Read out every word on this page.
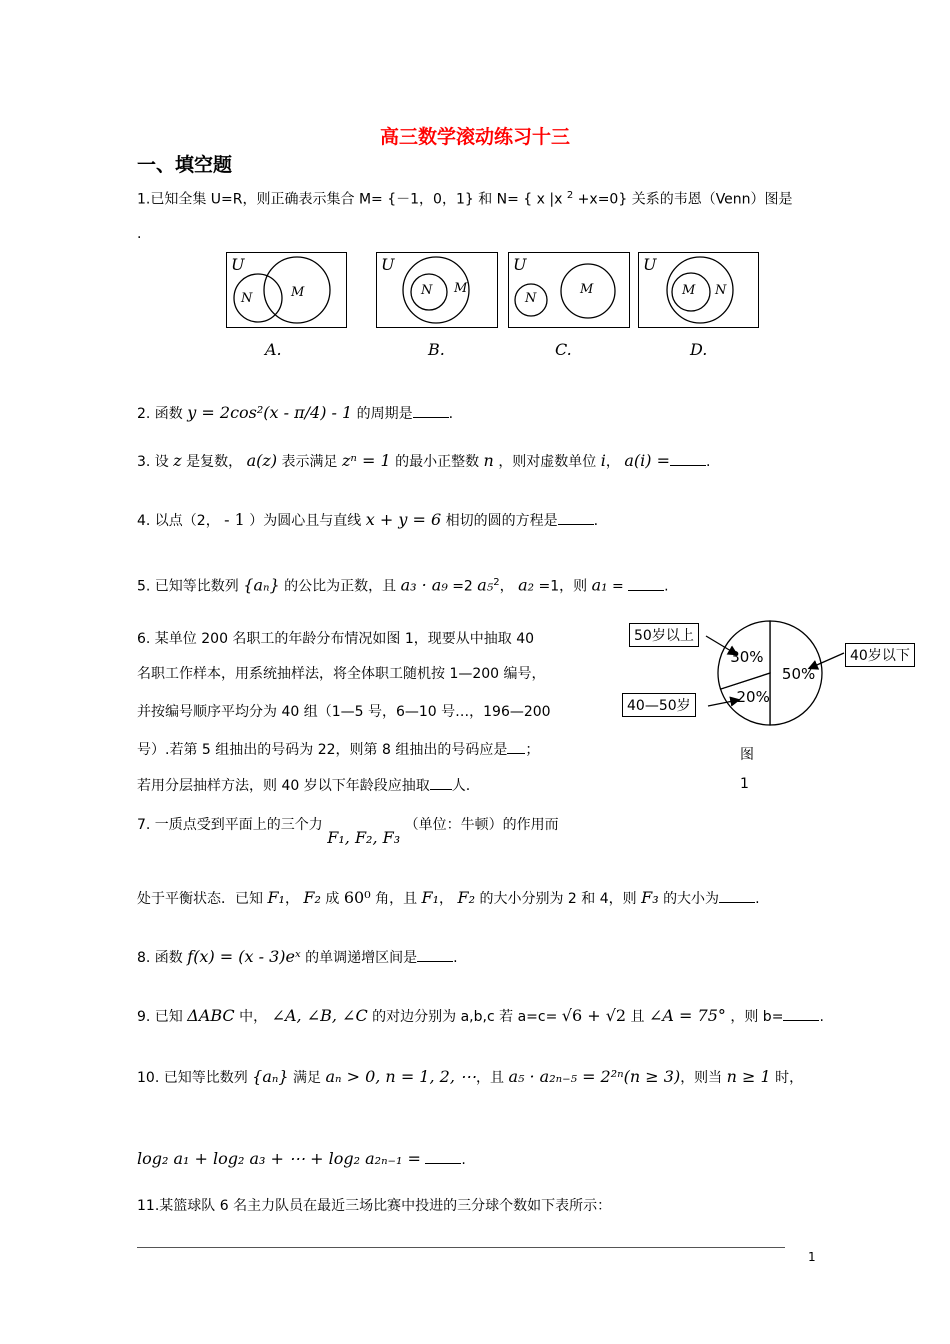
高三数学滚动练习十三
一、填空题
1.已知全集 U=R，则正确表示集合 M= {－1，0，1} 和 N= { x |x $^2$ +x=0} 关系的韦恩（Venn）图是
.
U
N	M
A.
U
N M
B.
U
N
M
C.
U
M N
D.
2. 函数 y = 2cos²(x - π/4) - 1 的周期是	.
3. 设 z 是复数， a(z) 表示满足 zⁿ = 1 的最小正整数 n ，则对虚数单位 i， a(i) =	.
4. 以点（2， - 1 ）为圆心且与直线 x + y = 6 相切的圆的方程是	.
5. 已知等比数列 {aₙ} 的公比为正数，且 a₃ · a₉ =2 a₅$^2$， a₂ =1，则 a₁ =	.
6. 某单位 200 名职工的年龄分布情况如图 1，现要从中抽取 40
名职工作样本，用系统抽样法，将全体职工随机按 1—200 编号，
并按编号顺序平均分为 40 组（1—5 号，6—10 号…，196—200
号）.若第 5 组抽出的号码为 22，则第 8 组抽出的号码应是 ；
若用分层抽样方法，则 40 岁以下年龄段应抽取 人.
50%
20%
30%
50岁以上
40岁以下
40—50岁
图
1
7. 一质点受到平面上的三个力 F₁, F₂, F₃ （单位：牛顿）的作用而
处于平衡状态．已知 F₁， F₂ 成 60⁰ 角，且 F₁， F₂ 的大小分别为 2 和 4，则 F₃ 的大小为	.
8. 函数 f(x) = (x - 3)eˣ 的单调递增区间是	.
9. 已知 ΔABC 中， ∠A, ∠B, ∠C 的对边分别为 a,b,c 若 a=c= √6 + √2 且 ∠A = 75° ，则 b=	.
10. 已知等比数列 {aₙ} 满足 aₙ > 0, n = 1, 2, ⋯，且 a₅ · a₂ₙ₋₅ = 2²ⁿ(n ≥ 3)，则当 n ≥ 1 时，
log₂ a₁ + log₂ a₃ + ⋯ + log₂ a₂ₙ₋₁ =	.
11.某篮球队 6 名主力队员在最近三场比赛中投进的三分球个数如下表所示：
1
